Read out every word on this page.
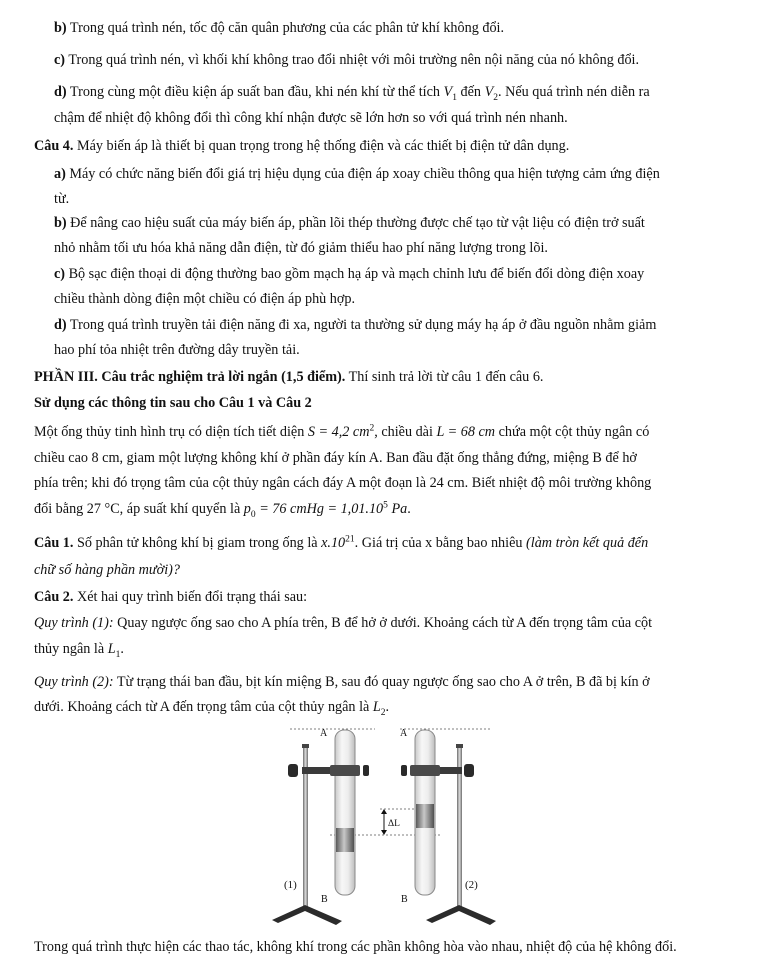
b) Trong quá trình nén, tốc độ căn quân phương của các phân tử khí không đổi.
c) Trong quá trình nén, vì khối khí không trao đổi nhiệt với môi trường nên nội năng của nó không đổi.
d) Trong cùng một điều kiện áp suất ban đầu, khi nén khí từ thể tích $V_1$ đến $V_2$. Nếu quá trình nén diễn ra
chậm để nhiệt độ không đổi thì công khí nhận được sẽ lớn hơn so với quá trình nén nhanh.
Câu 4. Máy biến áp là thiết bị quan trọng trong hệ thống điện và các thiết bị điện tử dân dụng.
a) Máy có chức năng biến đổi giá trị hiệu dụng của điện áp xoay chiều thông qua hiện tượng cảm ứng điện
từ.
b) Để nâng cao hiệu suất của máy biến áp, phần lõi thép thường được chế tạo từ vật liệu có điện trở suất
nhỏ nhằm tối ưu hóa khả năng dẫn điện, từ đó giảm thiểu hao phí năng lượng trong lõi.
c) Bộ sạc điện thoại di động thường bao gồm mạch hạ áp và mạch chỉnh lưu để biến đổi dòng điện xoay
chiều thành dòng điện một chiều có điện áp phù hợp.
d) Trong quá trình truyền tải điện năng đi xa, người ta thường sử dụng máy hạ áp ở đầu nguồn nhằm giảm
hao phí tỏa nhiệt trên đường dây truyền tải.
PHẦN III. Câu trắc nghiệm trả lời ngắn (1,5 điểm). Thí sinh trả lời từ câu 1 đến câu 6.
Sử dụng các thông tin sau cho Câu 1 và Câu 2
Một ống thủy tinh hình trụ có diện tích tiết diện S = 4,2 $cm^2$, chiều dài L = 68 cm chứa một cột thủy ngân có
chiều cao 8 cm, giam một lượng không khí ở phần đáy kín A. Ban đầu đặt ống thẳng đứng, miệng B để hở
phía trên; khi đó trọng tâm của cột thủy ngân cách đáy A một đoạn là 24 cm. Biết nhiệt độ môi trường không
đổi bằng 27 °C, áp suất khí quyển là $p_0 = 76$ cmHg = $1,01.10^5$ Pa.
Câu 1. Số phân tử không khí bị giam trong ống là $x.10^{21}$. Giá trị của x bằng bao nhiêu (làm tròn kết quả đến
chữ số hàng phần mười)?
Câu 2. Xét hai quy trình biến đổi trạng thái sau:
Quy trình (1): Quay ngược ống sao cho A phía trên, B để hở ở dưới. Khoảng cách từ A đến trọng tâm của cột
thủy ngân là $L_1$.
Quy trình (2): Từ trạng thái ban đầu, bịt kín miệng B, sau đó quay ngược ống sao cho A ở trên, B đã bị kín ở
dưới. Khoảng cách từ A đến trọng tâm của cột thủy ngân là $L_2$.
A
B
(1)
A
B
(2)
ΔL
Trong quá trình thực hiện các thao tác, không khí trong các phần không hòa vào nhau, nhiệt độ của hệ không đổi.
